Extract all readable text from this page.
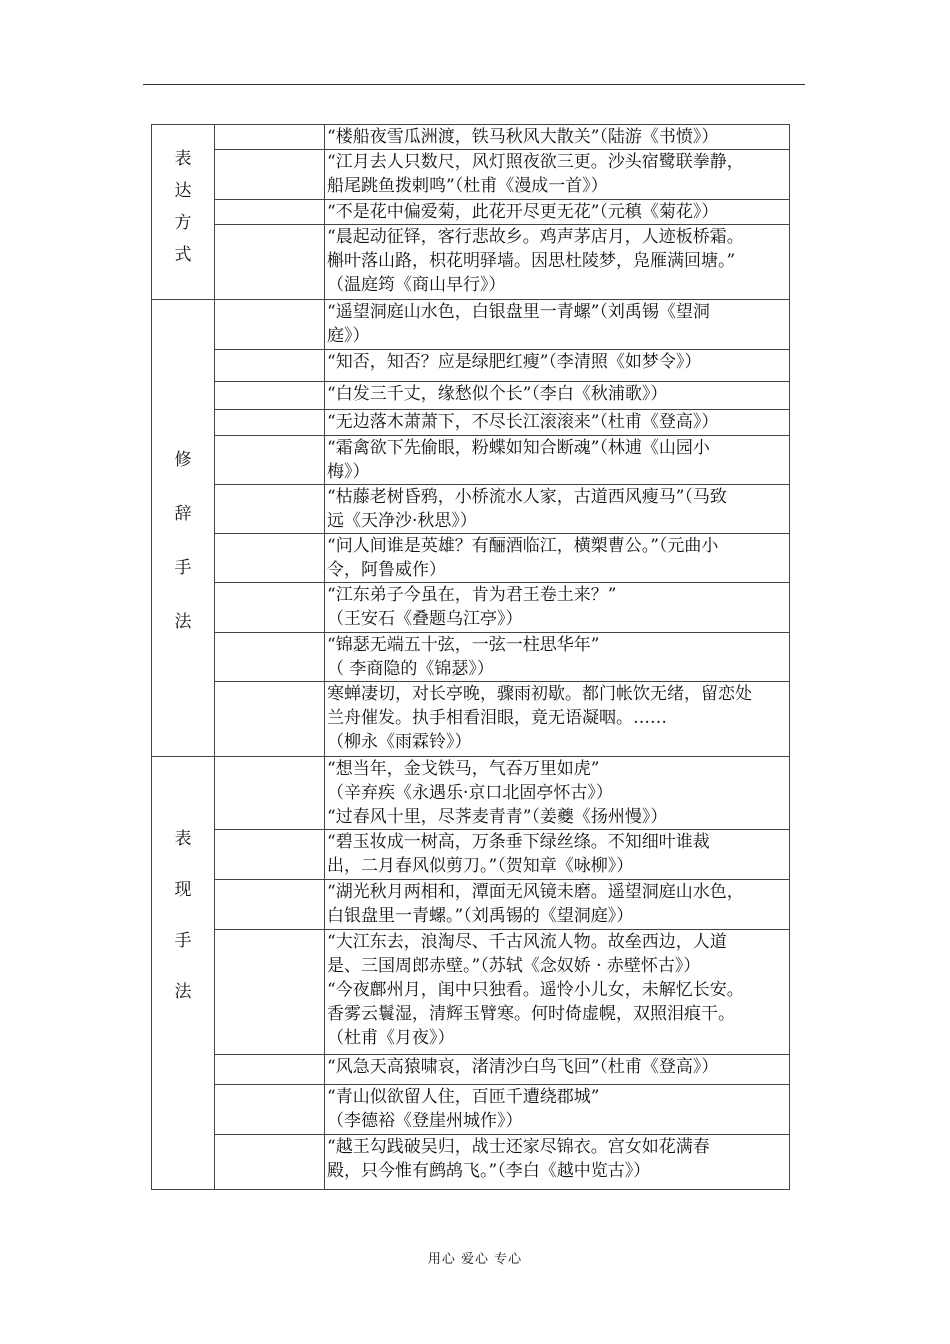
表
达
方
式		“楼船夜雪瓜洲渡，铁马秋风大散关”（陆游《书愤》）

		“江月去人只数尺，风灯照夜欲三更。沙头宿鹭联拳静，
船尾跳鱼拨剌鸣”（杜甫《漫成一首》）

		“不是花中偏爱菊，此花开尽更无花”（元稹《菊花》）

		“晨起动征铎，客行悲故乡。鸡声茅店月，人迹板桥霜。
槲叶落山路，枳花明驿墙。因思杜陵梦，凫雁满回塘。”
（温庭筠《商山早行》）

修
辞
手
法		“遥望洞庭山水色，白银盘里一青螺”（刘禹锡《望洞
庭》）

		“知否，知否？应是绿肥红瘦”（李清照《如梦令》）

		“白发三千丈，缘愁似个长”（李白《秋浦歌》）

		“无边落木萧萧下，不尽长江滚滚来”（杜甫《登高》）

		“霜禽欲下先偷眼，粉蝶如知合断魂”（林逋《山园小
梅》）

		“枯藤老树昏鸦，小桥流水人家，古道西风瘦马”（马致
远《天净沙·秋思》）

		“问人间谁是英雄？有酾酒临江，横槊曹公。”（元曲小
令，阿鲁威作）

		“江东弟子今虽在，肯为君王卷土来？”
（王安石《叠题乌江亭》）

		“锦瑟无端五十弦，一弦一柱思华年”
（ 李商隐的《锦瑟》）

		寒蝉凄切，对长亭晚，骤雨初歇。都门帐饮无绪，留恋处
兰舟催发。执手相看泪眼，竟无语凝咽。……
（柳永《雨霖铃》）

表
现
手
法		“想当年，金戈铁马，气吞万里如虎”
（辛弃疾《永遇乐·京口北固亭怀古》）
“过春风十里，尽荠麦青青”（姜夔《扬州慢》）

		“碧玉妆成一树高，万条垂下绿丝绦。不知细叶谁裁
出，二月春风似剪刀。”（贺知章《咏柳》）

		“湖光秋月两相和，潭面无风镜未磨。遥望洞庭山水色，
白银盘里一青螺。”（刘禹锡的《望洞庭》）

		“大江东去，浪淘尽、千古风流人物。故垒西边，人道
是、三国周郎赤壁。”（苏轼《念奴娇 · 赤壁怀古》）
“今夜鄜州月，闺中只独看。遥怜小儿女，未解忆长安。
香雾云鬟湿，清辉玉臂寒。何时倚虚幌，双照泪痕干。
（杜甫《月夜》）

		“风急天高猿啸哀，渚清沙白鸟飞回”（杜甫《登高》）

		“青山似欲留人住，百匝千遭绕郡城”
（李德裕《登崖州城作》）

		“越王勾践破吴归，战士还家尽锦衣。宫女如花满春
殿，只今惟有鹧鸪飞。”（李白《越中览古》）
用心 爱心 专心
